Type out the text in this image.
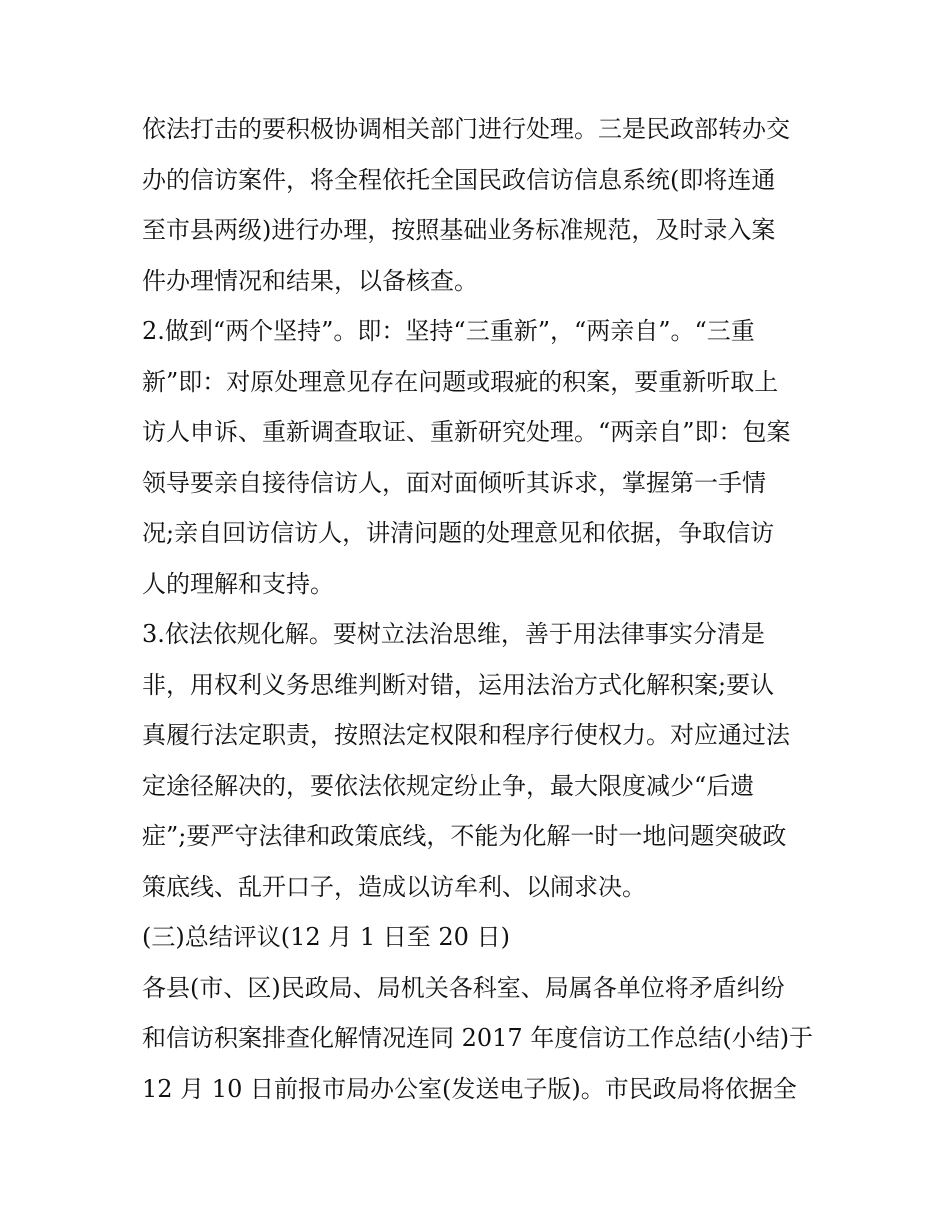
依法打击的要积极协调相关部门进行处理。三是民政部转办交
办的信访案件，将全程依托全国民政信访信息系统(即将连通
至市县两级)进行办理，按照基础业务标准规范，及时录入案
件办理情况和结果，以备核查。
2.做到“两个坚持”。即：坚持“三重新”，“两亲自”。“三重
新”即：对原处理意见存在问题或瑕疵的积案，要重新听取上
访人申诉、重新调查取证、重新研究处理。“两亲自”即：包案
领导要亲自接待信访人，面对面倾听其诉求，掌握第一手情
况;亲自回访信访人，讲清问题的处理意见和依据，争取信访
人的理解和支持。
3.依法依规化解。要树立法治思维，善于用法律事实分清是
非，用权利义务思维判断对错，运用法治方式化解积案;要认
真履行法定职责，按照法定权限和程序行使权力。对应通过法
定途径解决的，要依法依规定纷止争，最大限度减少“后遗
症”;要严守法律和政策底线，不能为化解一时一地问题突破政
策底线、乱开口子，造成以访牟利、以闹求决。
(三)总结评议(12 月 1 日至 20 日)
各县(市、区)民政局、局机关各科室、局属各单位将矛盾纠纷
和信访积案排查化解情况连同 2017 年度信访工作总结(小结)于
12 月 10 日前报市局办公室(发送电子版)。市民政局将依据全
